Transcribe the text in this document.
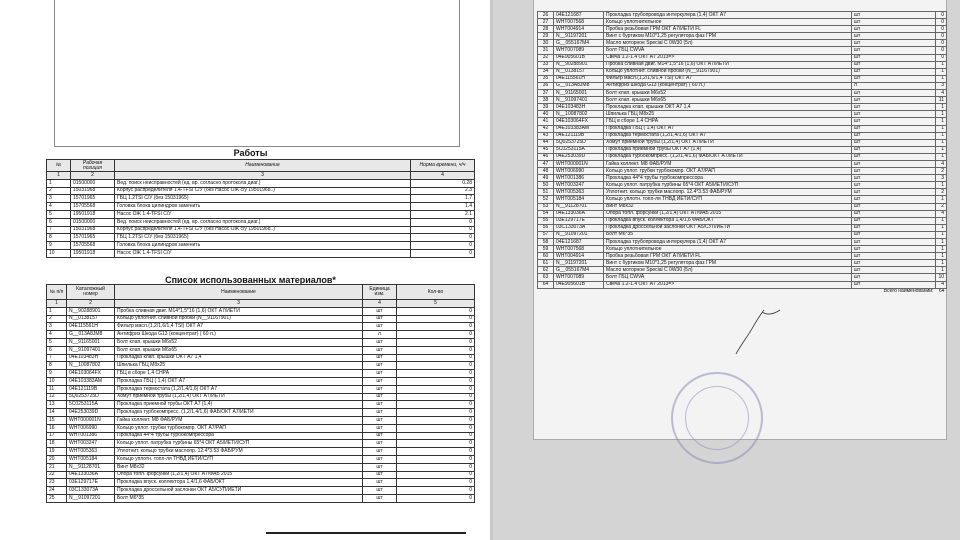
Работы
№	Рабочая позиция	Наименование	Норма времени, ч/ч
1	2	3	4
1	01500000	Вед. поиск неисправностей (ед. вр. согласно протокола диаг.)	0.28
2	15031968	Корпус распределителя 1.4-TFSI С/У (без Насос ОЖ с/у 19501968..)	2.3
3	15701965	ГБЦ 1.2TSI С/У (без 15031965)	1.7
4	15705568	Головка блока цилиндров заменить	1.4
5	19501918	Насос ОЖ 1.4-TFSI С/У	2.1
6	01500000	Вед. поиск неисправностей (ед. вр. согласно протокола диаг.)	0
7	15031968	Корпус распределителя 1.4-TFSI С/У (без Насос ОЖ с/у 19501968..)	0
8	15701965	ГБЦ 1.2TSI С/У (без 15031965)	0
9	15705568	Головка блока цилиндров заменить	0
10	19501918	Насос ОЖ 1.4-TFSI С/У	0
Список использованных материалов*
№ п/п	Каталожный номер	Наименование	Единица изм.	Кол-во
1	2	3	4	5
1	N__90288901	Пробка сливная двиг. M14*1,5*16 (1,6) ОКТ А7/ИЕТИ	шт	0
2	N__0138157	Кольцо уплотнит. сливной пробки (N__91167901)	шт	0
3	04E115561H	Фильтр масл.(1,2/1,6/1,4 TSI) ОКТ А7	шт	0
4	G__013A8JM8	Антифриз Шкода G13 (концентрат) ( 60 л.)	л	0
5	N__91165001	Болт клап. крышки M6x52	шт	0
6	N__91097401	Болт клап. крышки M6x65	шт	0
7	04E103483H	Прокладка клап. крышки ОКТ А7 1,4	шт	0
8	N__10087802	Шпилька ГБЦ M8x25	шт	0
9	04E103064FX	ГБЦ в сборе 1.4 CHPA	шт	0
10	04E103383AM	Прокладка ГБЦ ( 1,4) ОКТ А7	шт	0
11	04E121119B	Прокладка термостата (1,2/1,4/1,6) ОКТ А7	шт	0
12	5Q0253725D	Хомут приемной трубы (1,2/1,4) ОКТ А7/ИЕТИ	шт	0
13	5C0253115A	Прокладка приемной трубы ОКТ А7 (1,4)	шт	0
14	04E253039D	Прокладка турбокомпресс. (1,2/1,4/1,6) ФАБ/ОКТ А7/ИЕТИ	шт	0
15	WHT000001N	Гайка коллект. M8 ФАБ/РУМ	шт	0
16	WHT006990	Кольцо уплот. трубки турбокомпр. ОКТ А7/РАП	шт	0
17	WHT001386	Прокладка 44*4 трубы турбокомпрессора	шт	0
18	WHT003247	Кольцо уплот. патрубка турбины 65*4 ОКТ А5/ИЕТИ/СУП	шт	0
19	WHT005363	Уплотнит. кольцо трубки маслопр. 12.4*3.53 ФАБ/РУМ	шт	0
20	WHT005184	Кольцо уплотн. топл-ля ТНВД ИЕТИ/СУП	шт	0
21	N__91128701	Винт M8x32	шт	0
22	04E133036A	Опора топл. форсунки (1,2/1,4) ОКТ А7/ФАБ 2015	шт	0
23	03E129717E	Прокладка впуск. коллектора 1,4/1,6 ФАБ/ОКТ	шт	0
24	03C133073A	Прокладка дроссельной заслонки ОКТ А5/СУП/ИЕТИ	шт	0
25	N__91097201	Болт M6*35	шт	0
26	04E121687	Прокладка трубопровода интеркулера (1,4) ОКТ А7	шт	0
27	WHT007568	Кольцо уплотнительное	шт	0
28	WHT004914	Пробка резьбовая ГРМ ОКТ А7/ИЕТИ FL	шт	0
29	N__91197201	Винт с буртиком M10*1,25 регулятора фаз ГРМ	шт	0
30	G__055167M4	Масло моторное Special C 0W30 (5л)	шт	0
31	WHT007089	Болт ГБЦ CWVA	шт	0
32	04E905601B	Свеча 1.2-1.4 ОКТ А7 2013=>	шт	0
33	N__90288901	Пробка сливная двиг. M14*1,5*16 (1,6) ОКТ А7/ИЕТИ	шт	1
34	N__0138157	Кольцо уплотнит. сливной пробки (N__91167901)	шт	1
35	04E115561H	Фильтр масл.(1,2/1,6/1,4 TSI) ОКТ А7	шт	1
36	G__013A8JM8	Антифриз Шкода G13 (концентрат) ( 60 л.)	л	3
37	N__91165001	Болт клап. крышки M6x52	шт	4
38	N__91097401	Болт клап. крышки M6x65	шт	11
39	04E103483H	Прокладка клап. крышки ОКТ А7 1,4	шт	1
40	N__10087802	Шпилька ГБЦ M8x25	шт	1
41	04E103064FX	ГБЦ в сборе 1.4 CHPA	шт	1
42	04E103383AM	Прокладка ГБЦ ( 1,4) ОКТ А7	шт	1
43	04E121119B	Прокладка термостата (1,2/1,4/1,6) ОКТ А7	шт	1
44	5Q0253725D	Хомут приемной трубы (1,2/1,4) ОКТ А7/ИЕТИ	шт	1
45	5C0253115A	Прокладка приемной трубы ОКТ А7 (1,4)	шт	1
46	04E253039D	Прокладка турбокомпресс. (1,2/1,4/1,6) ФАБ/ОКТ А7/ИЕТИ	шт	1
47	WHT000001N	Гайка коллект. M8 ФАБ/РУМ	шт	4
48	WHT006990	Кольцо уплот. трубки турбокомпр. ОКТ А7/РАП	шт	2
49	WHT001386	Прокладка 44*4 трубы турбокомпрессора	шт	3
50	WHT003247	Кольцо уплот. патрубка турбины 65*4 ОКТ А5/ИЕТИ/СУП	шт	1
51	WHT005363	Уплотнит. кольцо трубки маслопр. 12.4*3.53 ФАБ/РУМ	шт	2
52	WHT005184	Кольцо уплотн. топл-ля ТНВД ИЕТИ/СУП	шт	1
53	N__91128701	Винт M8x32	шт	2
54	04E133036A	Опора топл. форсунки (1,2/1,4) ОКТ А7/ФАБ 2015	шт	4
55	03E129717E	Прокладка впуск. коллектора 1,4/1,6 ФАБ/ОКТ	шт	1
56	03C133073A	Прокладка дроссельной заслонки ОКТ А5/СУП/ИЕТИ	шт	1
57	N__91097201	Болт M6*35	шт	1
58	04E121687	Прокладка трубопровода интеркулера (1,4) ОКТ А7	шт	1
59	WHT007568	Кольцо уплотнительное	шт	1
60	WHT004914	Пробка резьбовая ГРМ ОКТ А7/ИЕТИ FL	шт	1
61	N__91197201	Винт с буртиком M10*1,25 регулятора фаз ГРМ	шт	1
62	G__055167M4	Масло моторное Special C 0W30 (5л)	шт	1
63	WHT007089	Болт ГБЦ CWVA	шт	10
64	04E905601B	Свеча 1.2-1.4 ОКТ А7 2013=>	шт	4
		Всего наименований:		64
